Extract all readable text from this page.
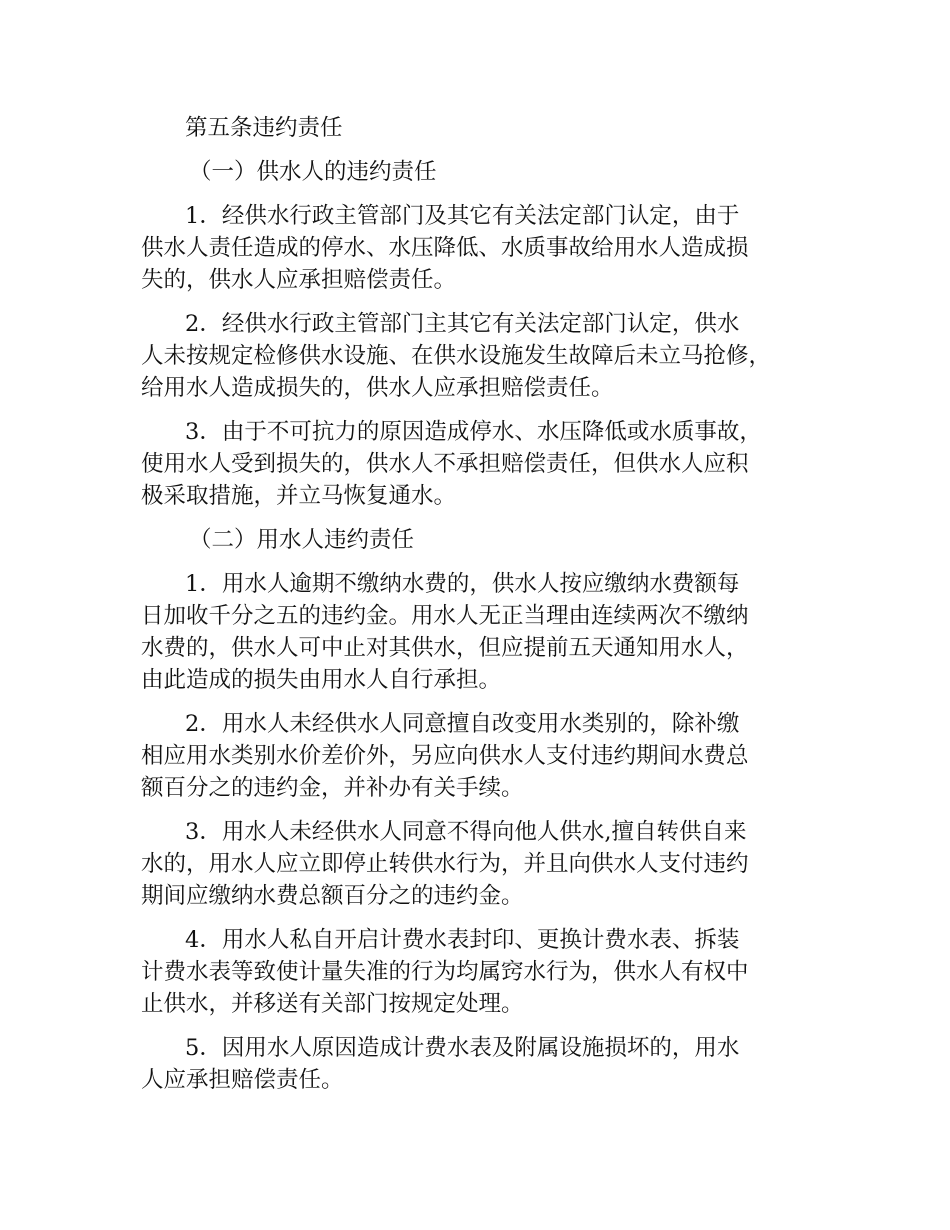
第五条违约责任
（一）供水人的违约责任
1．经供水行政主管部门及其它有关法定部门认定，由于
供水人责任造成的停水、水压降低、水质事故给用水人造成损
失的，供水人应承担赔偿责任。
2．经供水行政主管部门主其它有关法定部门认定，供水
人未按规定检修供水设施、在供水设施发生故障后未立马抢修，
给用水人造成损失的，供水人应承担赔偿责任。
3．由于不可抗力的原因造成停水、水压降低或水质事故，
使用水人受到损失的，供水人不承担赔偿责任，但供水人应积
极采取措施，并立马恢复通水。
（二）用水人违约责任
1．用水人逾期不缴纳水费的，供水人按应缴纳水费额每
日加收千分之五的违约金。用水人无正当理由连续两次不缴纳
水费的，供水人可中止对其供水，但应提前五天通知用水人，
由此造成的损失由用水人自行承担。
2．用水人未经供水人同意擅自改变用水类别的，除补缴
相应用水类别水价差价外，另应向供水人支付违约期间水费总
额百分之的违约金，并补办有关手续。
3．用水人未经供水人同意不得向他人供水,擅自转供自来
水的，用水人应立即停止转供水行为，并且向供水人支付违约
期间应缴纳水费总额百分之的违约金。
4．用水人私自开启计费水表封印、更换计费水表、拆装
计费水表等致使计量失准的行为均属窍水行为，供水人有权中
止供水，并移送有关部门按规定处理。
5．因用水人原因造成计费水表及附属设施损坏的，用水
人应承担赔偿责任。
